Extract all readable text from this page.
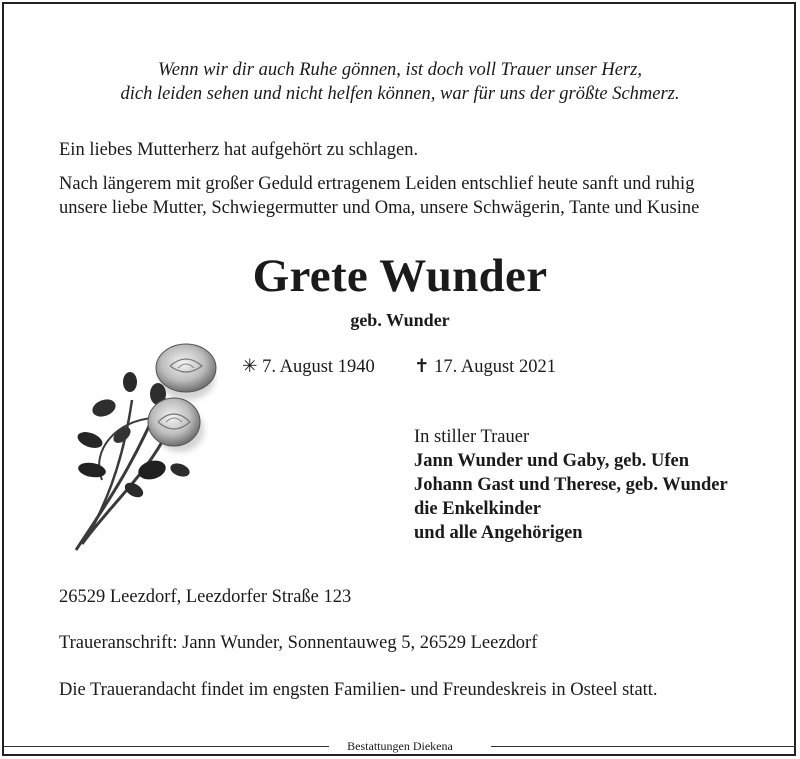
Wenn wir dir auch Ruhe gönnen, ist doch voll Trauer unser Herz,
dich leiden sehen und nicht helfen können, war für uns der größte Schmerz.
Ein liebes Mutterherz hat aufgehört zu schlagen.
Nach längerem mit großer Geduld ertragenem Leiden entschlief heute sanft und ruhig
unsere liebe Mutter, Schwiegermutter und Oma, unsere Schwägerin, Tante und Kusine
Grete Wunder
geb. Wunder
✳ 7. August 1940 ✝ 17. August 2021
In stiller Trauer
Jann Wunder und Gaby, geb. Ufen
Johann Gast und Therese, geb. Wunder
die Enkelkinder
und alle Angehörigen
26529 Leezdorf, Leezdorfer Straße 123
Traueranschrift: Jann Wunder, Sonnentauweg 5, 26529 Leezdorf
Die Trauerandacht findet im engsten Familien- und Freundeskreis in Osteel statt.
Bestattungen Diekena
